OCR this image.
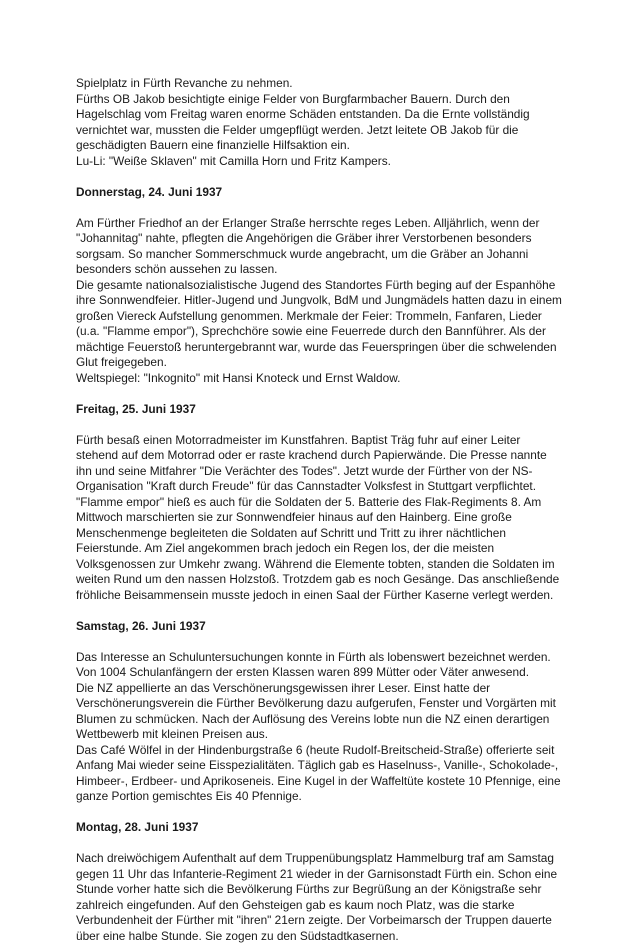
Spielplatz in Fürth Revanche zu nehmen.
Fürths OB Jakob besichtigte einige Felder von Burgfarmbacher Bauern. Durch den
Hagelschlag vom Freitag waren enorme Schäden entstanden. Da die Ernte vollständig
vernichtet war, mussten die Felder umgepflügt werden. Jetzt leitete OB Jakob für die
geschädigten Bauern eine finanzielle Hilfsaktion ein.
Lu-Li: "Weiße Sklaven" mit Camilla Horn und Fritz Kampers.
Donnerstag, 24. Juni 1937
Am Fürther Friedhof an der Erlanger Straße herrschte reges Leben. Alljährlich, wenn der
"Johannitag" nahte, pflegten die Angehörigen die Gräber ihrer Verstorbenen besonders
sorgsam. So mancher Sommerschmuck wurde angebracht, um die Gräber an Johanni
besonders schön aussehen zu lassen.
Die gesamte nationalsozialistische Jugend des Standortes Fürth beging auf der Espanhöhe
ihre Sonnwendfeier. Hitler-Jugend und Jungvolk, BdM und Jungmädels hatten dazu in einem
großen Viereck Aufstellung genommen. Merkmale der Feier: Trommeln, Fanfaren, Lieder
(u.a. "Flamme empor"), Sprechchöre sowie eine Feuerrede durch den Bannführer. Als der
mächtige Feuerstoß heruntergebrannt war, wurde das Feuerspringen über die schwelenden
Glut freigegeben.
Weltspiegel: "Inkognito" mit Hansi Knoteck und Ernst Waldow.
Freitag, 25. Juni 1937
Fürth besaß einen Motorradmeister im Kunstfahren. Baptist Träg fuhr auf einer Leiter
stehend auf dem Motorrad oder er raste krachend durch Papierwände. Die Presse nannte
ihn und seine Mitfahrer "Die Verächter des Todes". Jetzt wurde der Fürther von der NS-
Organisation "Kraft durch Freude" für das Cannstadter Volksfest in Stuttgart verpflichtet.
"Flamme empor" hieß es auch für die Soldaten der 5. Batterie des Flak-Regiments 8. Am
Mittwoch marschierten sie zur Sonnwendfeier hinaus auf den Hainberg. Eine große
Menschenmenge begleiteten die Soldaten auf Schritt und Tritt zu ihrer nächtlichen
Feierstunde. Am Ziel angekommen brach jedoch ein Regen los, der die meisten
Volksgenossen zur Umkehr zwang. Während die Elemente tobten, standen die Soldaten im
weiten Rund um den nassen Holzstoß. Trotzdem gab es noch Gesänge. Das anschließende
fröhliche Beisammensein musste jedoch in einen Saal der Fürther Kaserne verlegt werden.
Samstag, 26. Juni 1937
Das Interesse an Schuluntersuchungen konnte in Fürth als lobenswert bezeichnet werden.
Von 1004 Schulanfängern der ersten Klassen waren 899 Mütter oder Väter anwesend.
Die NZ appellierte an das Verschönerungsgewissen ihrer Leser. Einst hatte der
Verschönerungsverein die Fürther Bevölkerung dazu aufgerufen, Fenster und Vorgärten mit
Blumen zu schmücken. Nach der Auflösung des Vereins lobte nun die NZ einen derartigen
Wettbewerb mit kleinen Preisen aus.
Das Café Wölfel in der Hindenburgstraße 6 (heute Rudolf-Breitscheid-Straße) offerierte seit
Anfang Mai wieder seine Eisspezialitäten. Täglich gab es Haselnuss-, Vanille-, Schokolade-,
Himbeer-, Erdbeer- und Aprikoseneis. Eine Kugel in der Waffeltüte kostete 10 Pfennige, eine
ganze Portion gemischtes Eis 40 Pfennige.
Montag, 28. Juni 1937
Nach dreiwöchigem Aufenthalt auf dem Truppenübungsplatz Hammelburg traf am Samstag
gegen 11 Uhr das Infanterie-Regiment 21 wieder in der Garnisonstadt Fürth ein. Schon eine
Stunde vorher hatte sich die Bevölkerung Fürths zur Begrüßung an der Königstraße sehr
zahlreich eingefunden. Auf den Gehsteigen gab es kaum noch Platz, was die starke
Verbundenheit der Fürther mit "ihren" 21ern zeigte. Der Vorbeimarsch der Truppen dauerte
über eine halbe Stunde. Sie zogen zu den Südstadtkasernen.
